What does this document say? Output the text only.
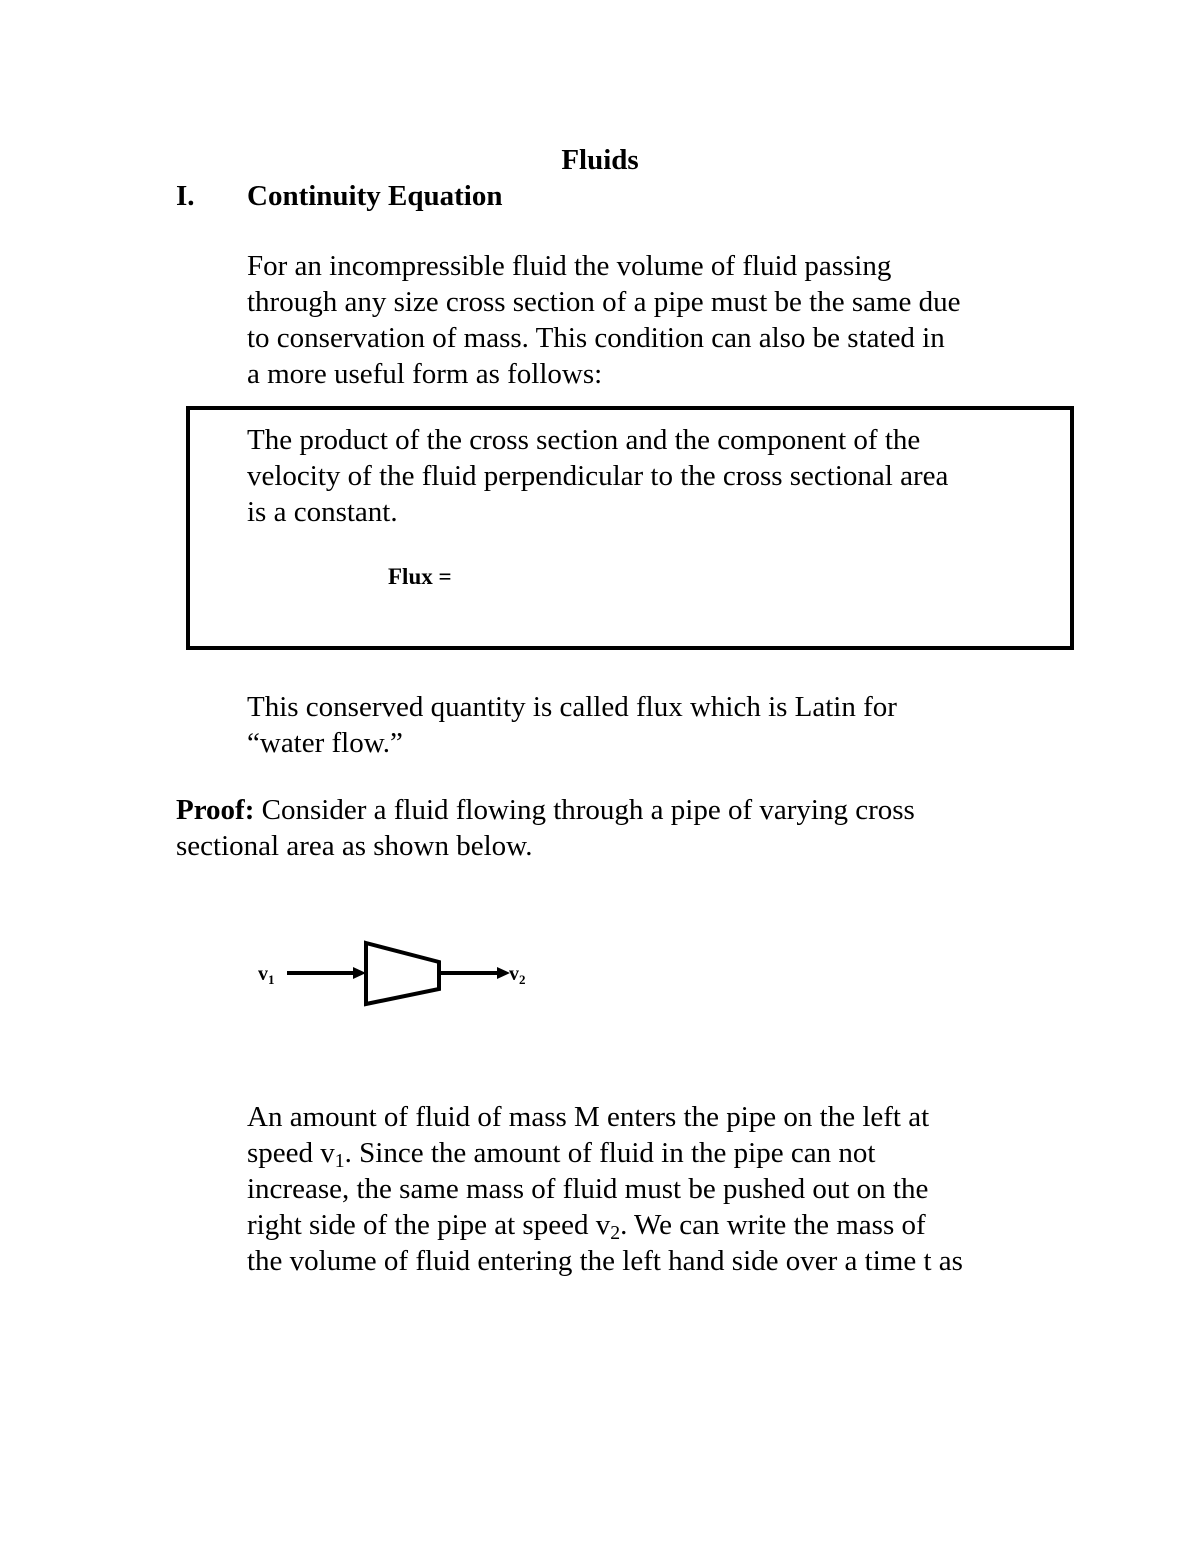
Fluids
I. Continuity Equation
For an incompressible fluid the volume of fluid passing
through any size cross section of a pipe must be the same due
to conservation of mass. This condition can also be stated in
a more useful form as follows:
The product of the cross section and the component of the
velocity of the fluid perpendicular to the cross sectional area
is a constant.
Flux =
This conserved quantity is called flux which is Latin for
“water flow.”
Proof: Consider a fluid flowing through a pipe of varying cross
sectional area as shown below.
$v_1$	$v_2$
An amount of fluid of mass M enters the pipe on the left at
speed $v_1$. Since the amount of fluid in the pipe can not
increase, the same mass of fluid must be pushed out on the
right side of the pipe at speed $v_2$. We can write the mass of
the volume of fluid entering the left hand side over a time t as
